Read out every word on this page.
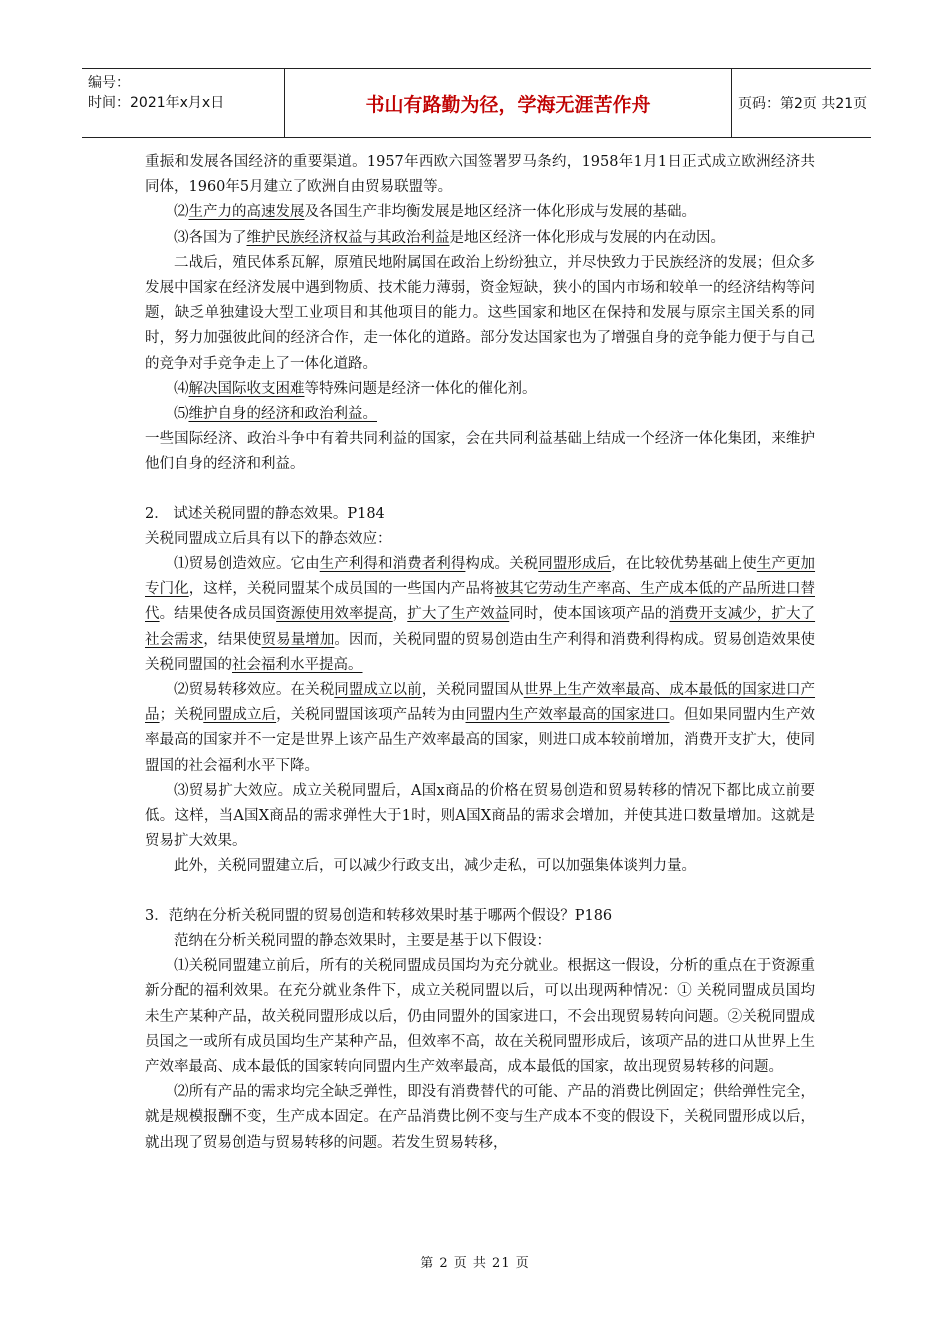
编号：
时间：2021年x月x日	书山有路勤为径，学海无涯苦作舟	页码：第2页 共21页

重振和发展各国经济的重要渠道。1957年西欧六国签署罗马条约，1958年1月1日正式成立欧洲经济共同体，1960年5月建立了欧洲自由贸易联盟等。

⑵生产力的高速发展及各国生产非均衡发展是地区经济一体化形成与发展的基础。

⑶各国为了维护民族经济权益与其政治利益是地区经济一体化形成与发展的内在动因。

二战后，殖民体系瓦解，原殖民地附属国在政治上纷纷独立，并尽快致力于民族经济的发展；但众多发展中国家在经济发展中遇到物质、技术能力薄弱，资金短缺，狭小的国内市场和较单一的经济结构等问题，缺乏单独建设大型工业项目和其他项目的能力。这些国家和地区在保持和发展与原宗主国关系的同时，努力加强彼此间的经济合作，走一体化的道路。部分发达国家也为了增强自身的竞争能力便于与自己的竞争对手竞争走上了一体化道路。

⑷解决国际收支困难等特殊问题是经济一体化的催化剂。

⑸维护自身的经济和政治利益。

一些国际经济、政治斗争中有着共同利益的国家，会在共同利益基础上结成一个经济一体化集团，来维护他们自身的经济和利益。

2． 试述关税同盟的静态效果。P184

关税同盟成立后具有以下的静态效应：

⑴贸易创造效应。它由生产利得和消费者利得构成。关税同盟形成后，在比较优势基础上使生产更加专门化，这样，关税同盟某个成员国的一些国内产品将被其它劳动生产率高、生产成本低的产品所进口替代。结果使各成员国资源使用效率提高，扩大了生产效益同时，使本国该项产品的消费开支减少，扩大了社会需求，结果使贸易量增加。因而，关税同盟的贸易创造由生产利得和消费利得构成。贸易创造效果使关税同盟国的社会福利水平提高。

⑵贸易转移效应。在关税同盟成立以前，关税同盟国从世界上生产效率最高、成本最低的国家进口产品；关税同盟成立后，关税同盟国该项产品转为由同盟内生产效率最高的国家进口。但如果同盟内生产效率最高的国家并不一定是世界上该产品生产效率最高的国家，则进口成本较前增加，消费开支扩大，使同盟国的社会福利水平下降。

⑶贸易扩大效应。成立关税同盟后，A国x商品的价格在贸易创造和贸易转移的情况下都比成立前要低。这样，当A国X商品的需求弹性大于1时，则A国X商品的需求会增加，并使其进口数量增加。这就是贸易扩大效果。

此外，关税同盟建立后，可以减少行政支出，减少走私，可以加强集体谈判力量。

3．范纳在分析关税同盟的贸易创造和转移效果时基于哪两个假设？P186

范纳在分析关税同盟的静态效果时，主要是基于以下假设：

⑴关税同盟建立前后，所有的关税同盟成员国均为充分就业。根据这一假设，分析的重点在于资源重新分配的福利效果。在充分就业条件下，成立关税同盟以后，可以出现两种情况：① 关税同盟成员国均未生产某种产品，故关税同盟形成以后，仍由同盟外的国家进口，不会出现贸易转向问题。②关税同盟成员国之一或所有成员国均生产某种产品，但效率不高，故在关税同盟形成后，该项产品的进口从世界上生产效率最高、成本最低的国家转向同盟内生产效率最高，成本最低的国家，故出现贸易转移的问题。

⑵所有产品的需求均完全缺乏弹性，即没有消费替代的可能、产品的消费比例固定；供给弹性完全，就是规模报酬不变，生产成本固定。在产品消费比例不变与生产成本不变的假设下，关税同盟形成以后，就出现了贸易创造与贸易转移的问题。若发生贸易转移，

第 2 页 共 21 页
